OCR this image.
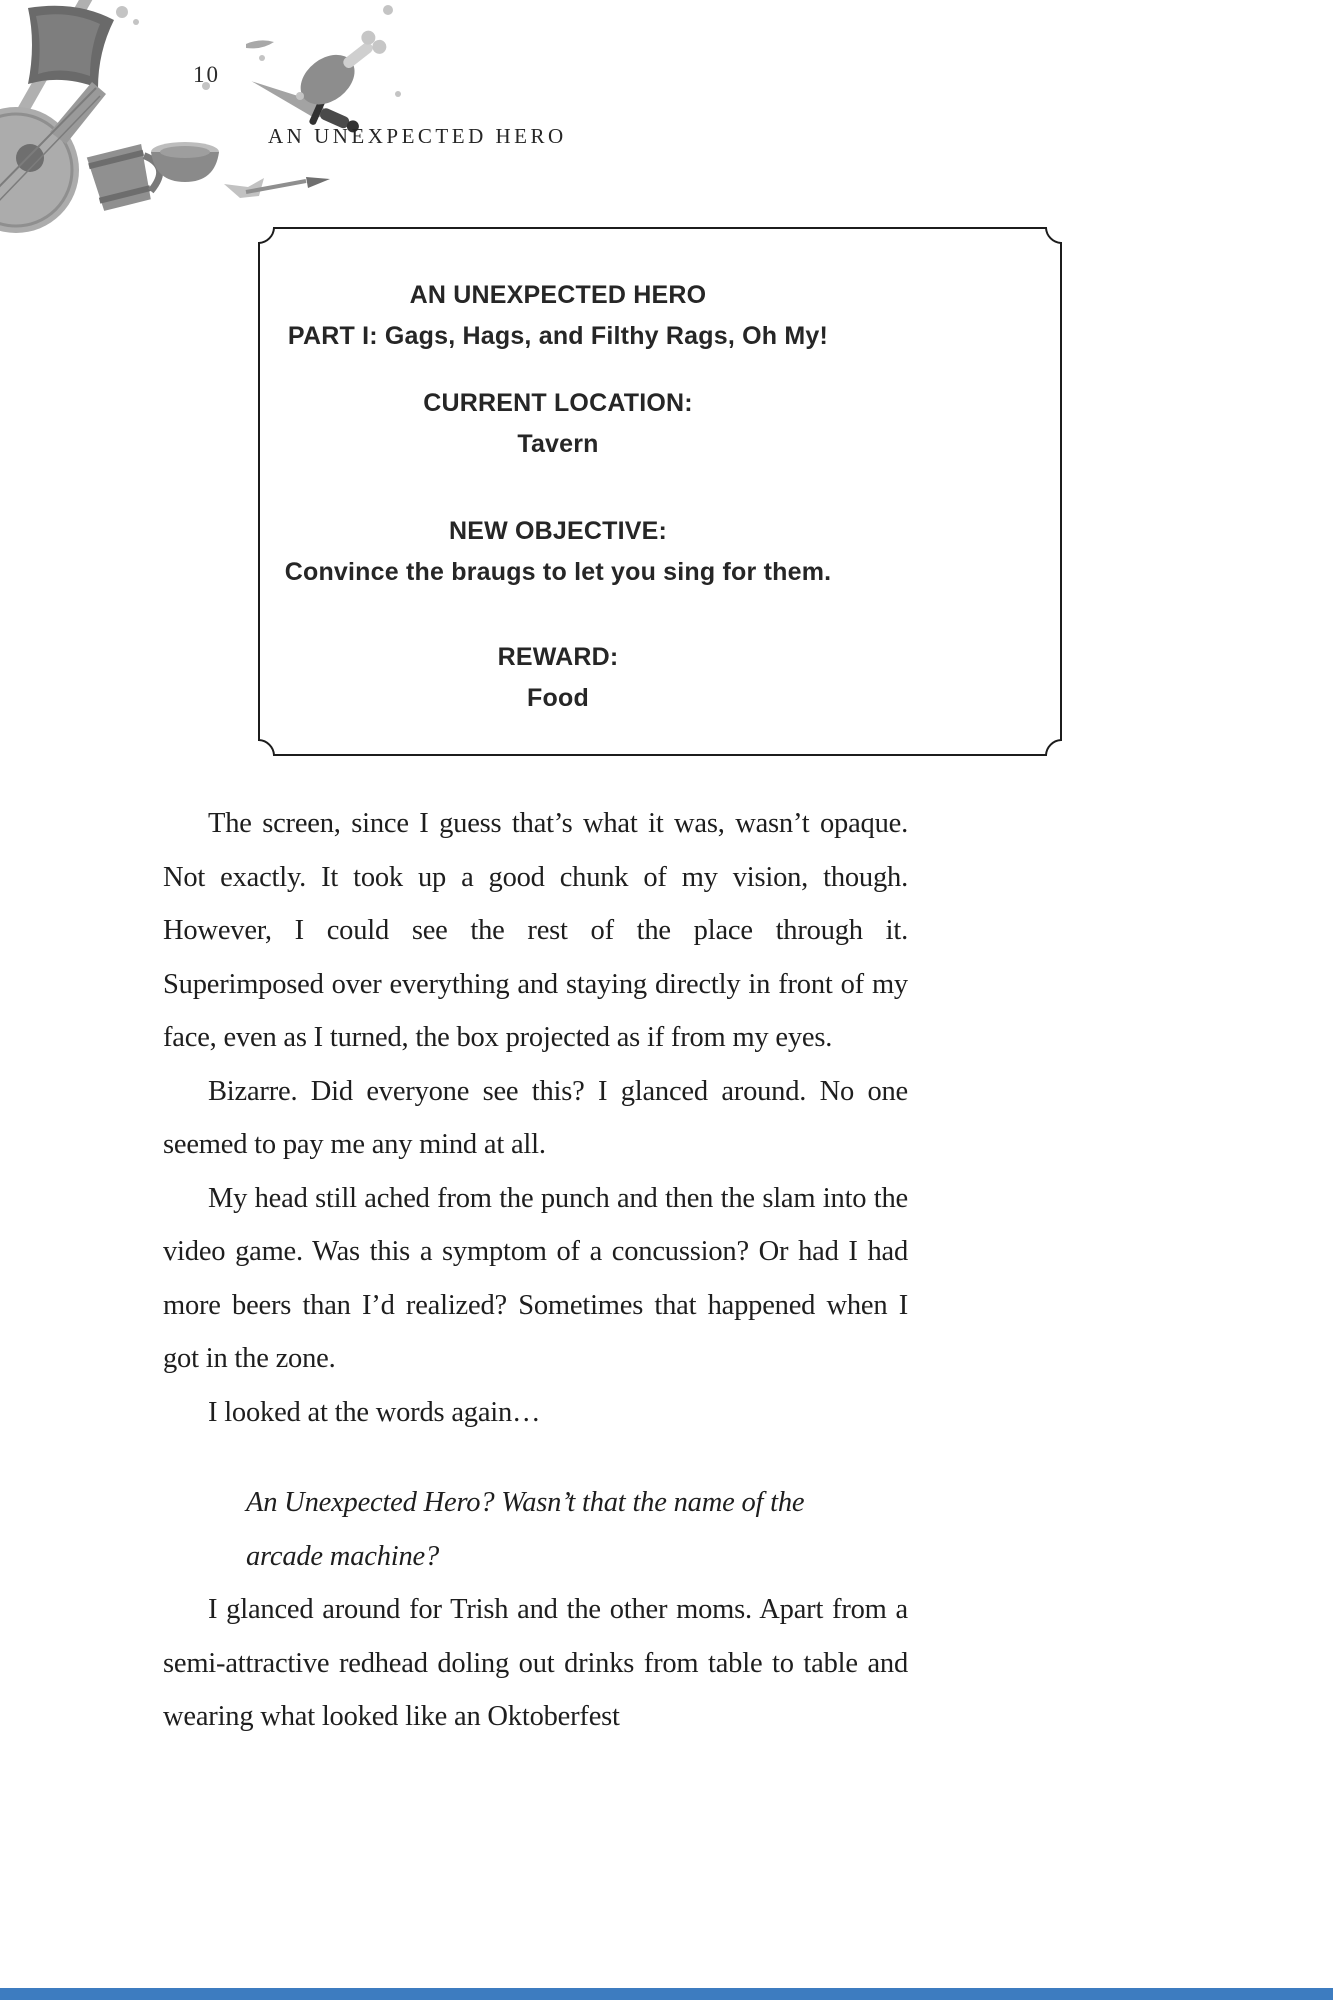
10
AN UNEXPECTED HERO
AN UNEXPECTED HERO
PART I: Gags, Hags, and Filthy Rags, Oh My!
CURRENT LOCATION:
Tavern
NEW OBJECTIVE:
Convince the braugs to let you sing for them.
REWARD:
Food

The screen, since I guess that’s what it was, wasn’t opaque. Not exactly. It took up a good chunk of my vision, though. However, I could see the rest of the place through it. Superimposed over everything and staying directly in front of my face, even as I turned, the box projected as if from my eyes.

Bizarre. Did everyone see this? I glanced around. No one seemed to pay me any mind at all.

My head still ached from the punch and then the slam into the video game. Was this a symptom of a concussion? Or had I had more beers than I’d realized? Sometimes that happened when I got in the zone.

I looked at the words again…

An Unexpected Hero? Wasn’t that the name of the arcade machine?

I glanced around for Trish and the other moms. Apart from a semi-attractive redhead doling out drinks from table to table and wearing what looked like an Oktoberfest
